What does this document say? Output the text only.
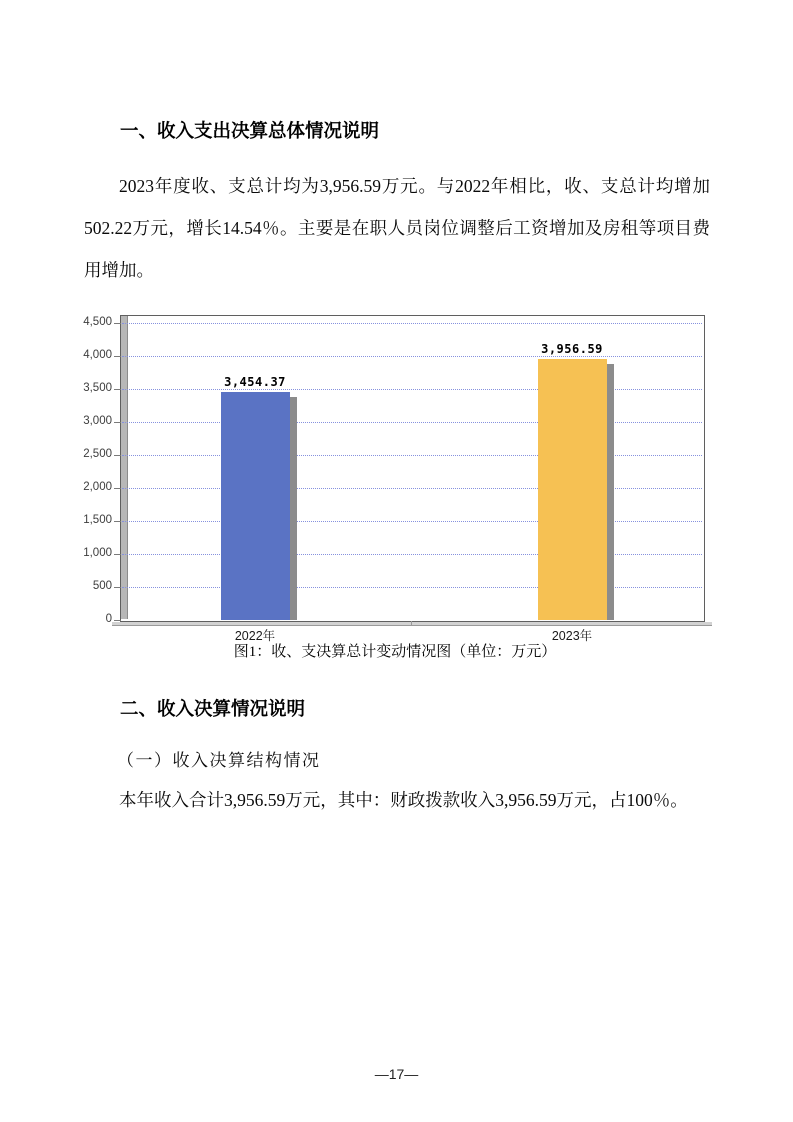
一、收入支出决算总体情况说明

2023年度收、支总计均为3,956.59万元。与2022年相比，收、支总计均增加502.22万元，增长14.54％。主要是在职人员岗位调整后工资增加及房租等项目费用增加。

0
500
1,000
1,500
2,000
2,500
3,000
3,500
4,000
4,500
3,454.37
2022年
3,956.59
2023年

图1：收、支决算总计变动情况图（单位：万元）

二、收入决算情况说明

（一）收入决算结构情况

本年收入合计3,956.59万元，其中：财政拨款收入3,956.59万元，占100％。

—17—
